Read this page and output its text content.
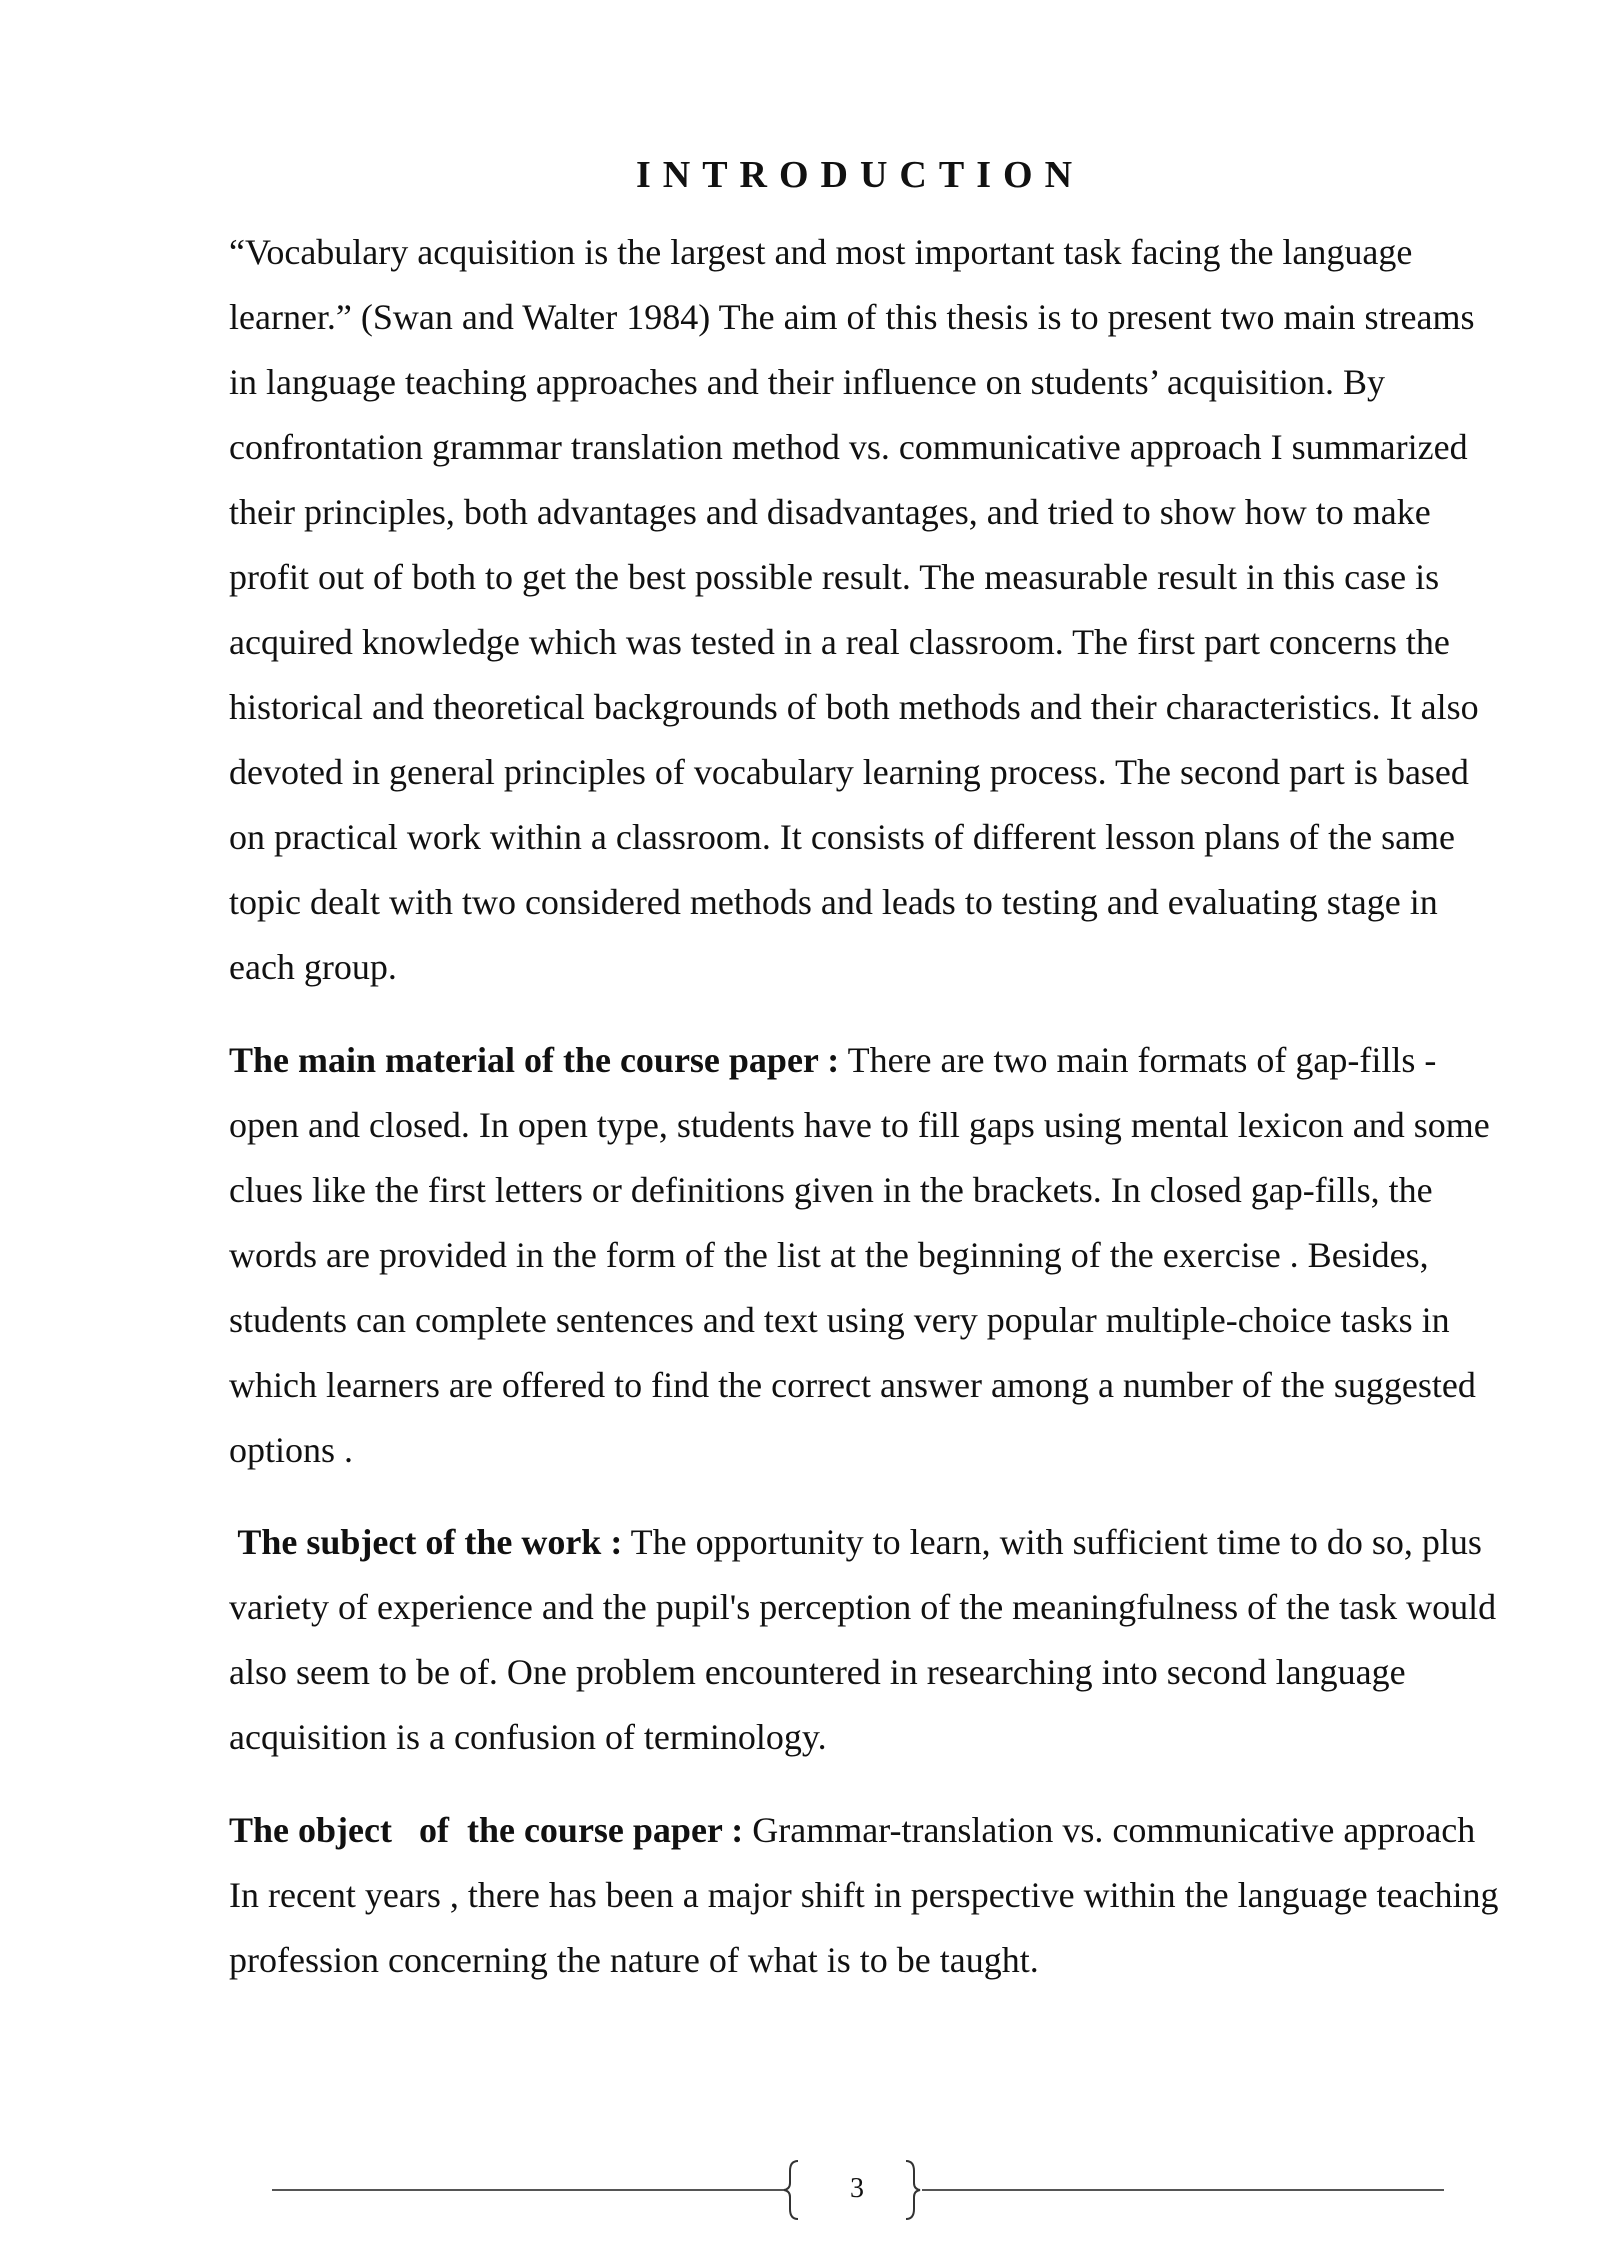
INTRODUCTION

“Vocabulary acquisition is the largest and most important task facing the language learner.” (Swan and Walter 1984) The aim of this thesis is to present two main streams in language teaching approaches and their influence on students’ acquisition. By confrontation grammar translation method vs. communicative approach I summarized their principles, both advantages and disadvantages, and tried to show how to make profit out of both to get the best possible result. The measurable result in this case is acquired knowledge which was tested in a real classroom. The first part concerns the historical and theoretical backgrounds of both methods and their characteristics. It also devoted in general principles of vocabulary learning process. The second part is based on practical work within a classroom. It consists of different lesson plans of the same topic dealt with two considered methods and leads to testing and evaluating stage in each group.

The main material of the course paper : There are two main formats of gap-fills - open and closed. In open type, students have to fill gaps using mental lexicon and some clues like the first letters or definitions given in the brackets. In closed gap-fills, the words are provided in the form of the list at the beginning of the exercise . Besides, students can complete sentences and text using very popular multiple-choice tasks in which learners are offered to find the correct answer among a number of the suggested options .

The subject of the work : The opportunity to learn, with sufficient time to do so, plus variety of experience and the pupil's perception of the meaningfulness of the task would also seem to be of. One problem encountered in researching into second language acquisition is a confusion of terminology.

The object   of  the course paper : Grammar-translation vs. communicative approach In recent years , there has been a major shift in perspective within the language teaching profession concerning the nature of what is to be taught.

3
